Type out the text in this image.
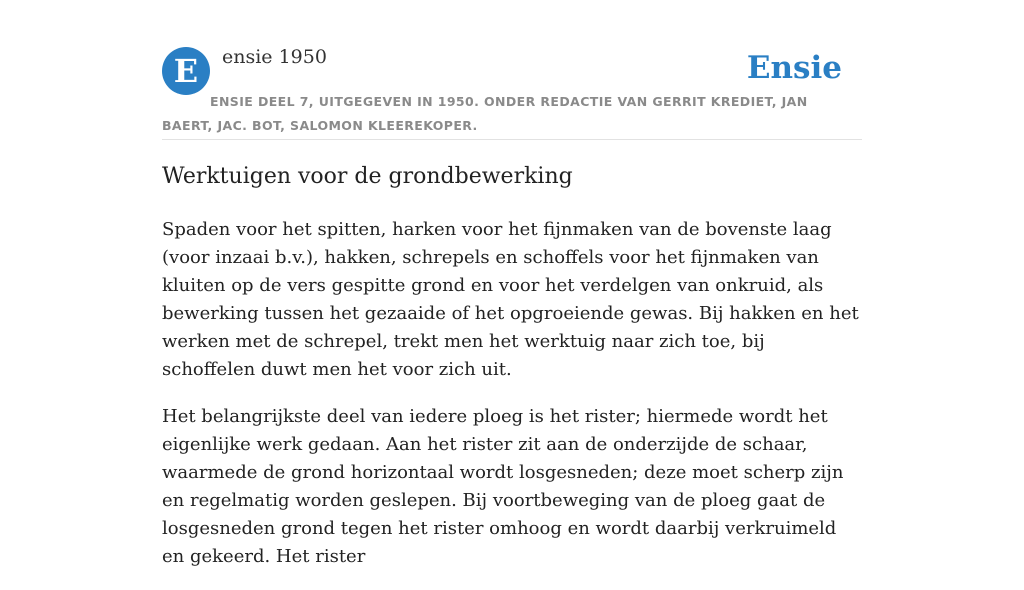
E	ensie 1950	Ensie
ENSIE DEEL 7, UITGEGEVEN IN 1950. ONDER REDACTIE VAN GERRIT KREDIET, JAN BAERT, JAC. BOT, SALOMON KLEEREKOPER.
Werktuigen voor de grondbewerking

Spaden voor het spitten, harken voor het fijnmaken van de bovenste laag (voor inzaai b.v.), hakken, schrepels en schoffels voor het fijnmaken van kluiten op de vers gespitte grond en voor het verdelgen van onkruid, als bewerking tussen het gezaaide of het opgroeiende gewas. Bij hakken en het werken met de schrepel, trekt men het werktuig naar zich toe, bij schoffelen duwt men het voor zich uit.

Het belangrijkste deel van iedere ploeg is het rister; hiermede wordt het eigenlijke werk gedaan. Aan het rister zit aan de onderzijde de schaar, waarmede de grond horizontaal wordt losgesneden; deze moet scherp zijn en regelmatig worden geslepen. Bij voortbeweging van de ploeg gaat de losgesneden grond tegen het rister omhoog en wordt daarbij verkruimeld en gekeerd. Het rister
